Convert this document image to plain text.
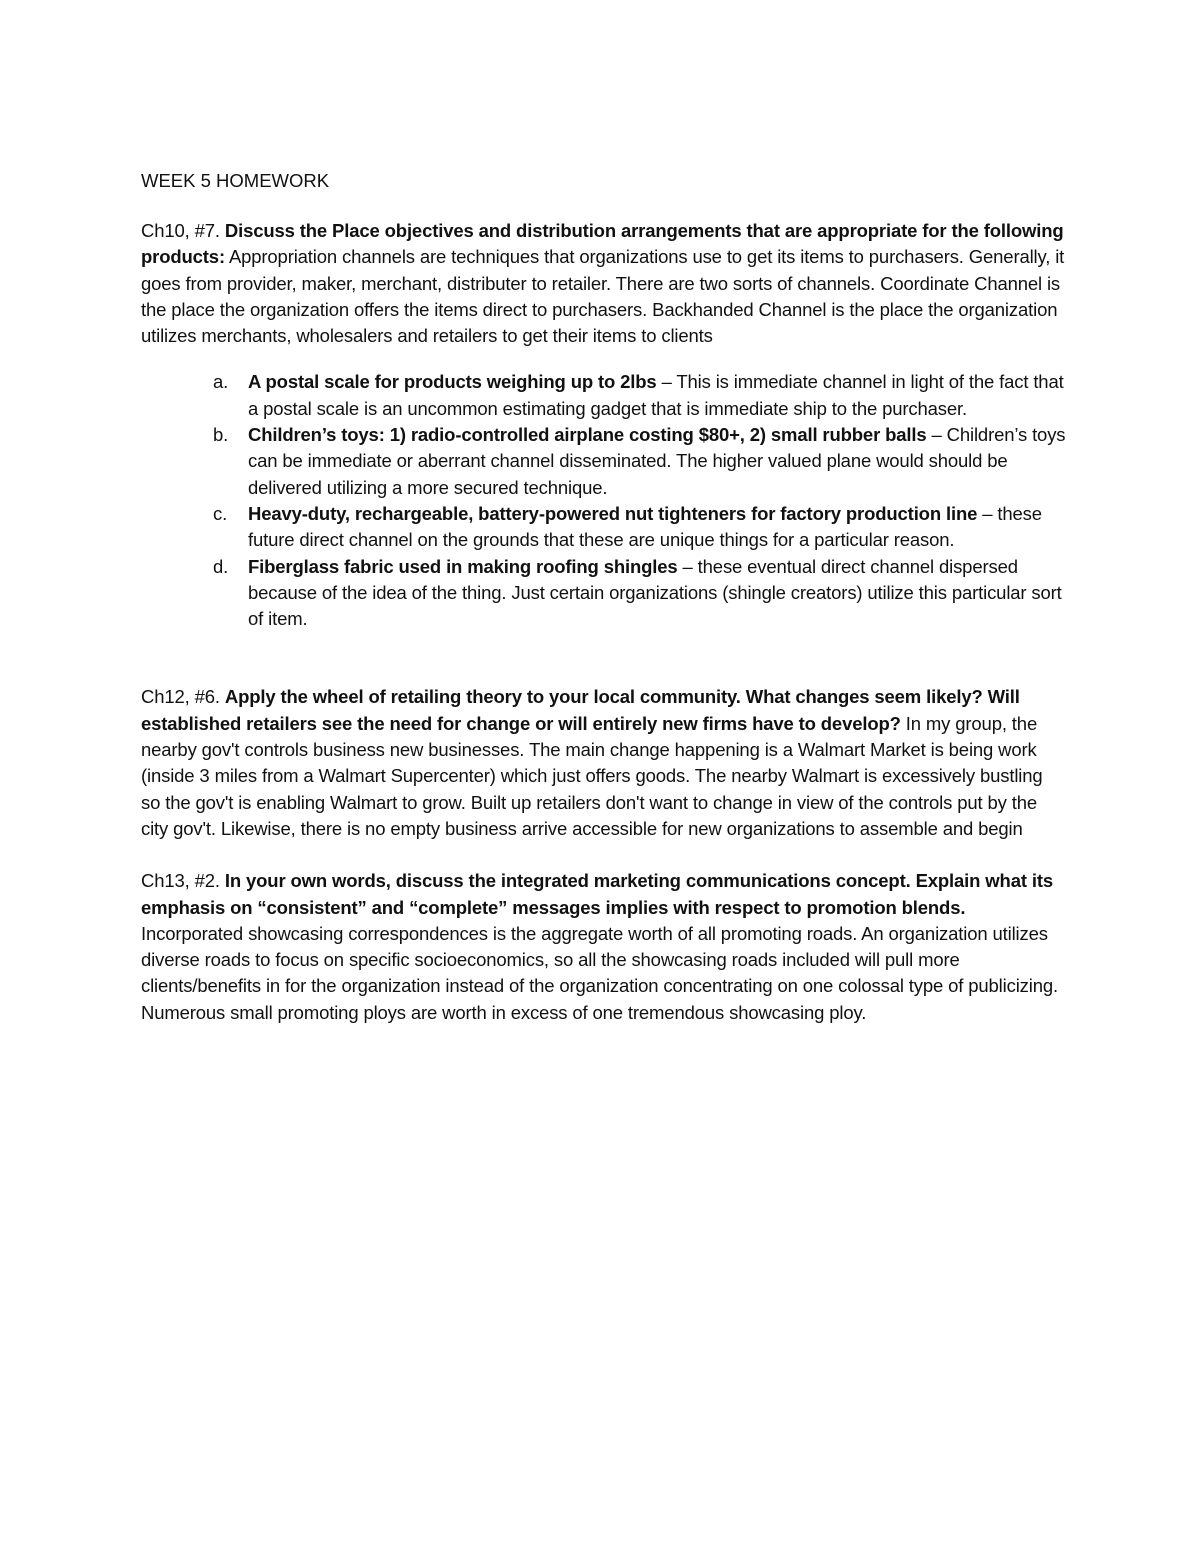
WEEK 5 HOMEWORK

Ch10, #7. Discuss the Place objectives and distribution arrangements that are appropriate for the following products: Appropriation channels are techniques that organizations use to get its items to purchasers. Generally, it goes from provider, maker, merchant, distributer to retailer. There are two sorts of channels. Coordinate Channel is the place the organization offers the items direct to purchasers. Backhanded Channel is the place the organization utilizes merchants, wholesalers and retailers to get their items to clients

a. A postal scale for products weighing up to 2lbs – This is immediate channel in light of the fact that a postal scale is an uncommon estimating gadget that is immediate ship to the purchaser.
b. Children’s toys: 1) radio-controlled airplane costing $80+, 2) small rubber balls – Children’s toys can be immediate or aberrant channel disseminated. The higher valued plane would should be delivered utilizing a more secured technique.
c. Heavy-duty, rechargeable, battery-powered nut tighteners for factory production line – these future direct channel on the grounds that these are unique things for a particular reason.
d. Fiberglass fabric used in making roofing shingles – these eventual direct channel dispersed because of the idea of the thing. Just certain organizations (shingle creators) utilize this particular sort of item.

Ch12, #6. Apply the wheel of retailing theory to your local community. What changes seem likely? Will established retailers see the need for change or will entirely new firms have to develop? In my group, the nearby gov't controls business new businesses. The main change happening is a Walmart Market is being work (inside 3 miles from a Walmart Supercenter) which just offers goods. The nearby Walmart is excessively bustling so the gov't is enabling Walmart to grow. Built up retailers don't want to change in view of the controls put by the city gov't. Likewise, there is no empty business arrive accessible for new organizations to assemble and begin

Ch13, #2. In your own words, discuss the integrated marketing communications concept. Explain what its emphasis on “consistent” and “complete” messages implies with respect to promotion blends. Incorporated showcasing correspondences is the aggregate worth of all promoting roads. An organization utilizes diverse roads to focus on specific socioeconomics, so all the showcasing roads included will pull more clients/benefits in for the organization instead of the organization concentrating on one colossal type of publicizing. Numerous small promoting ploys are worth in excess of one tremendous showcasing ploy.
